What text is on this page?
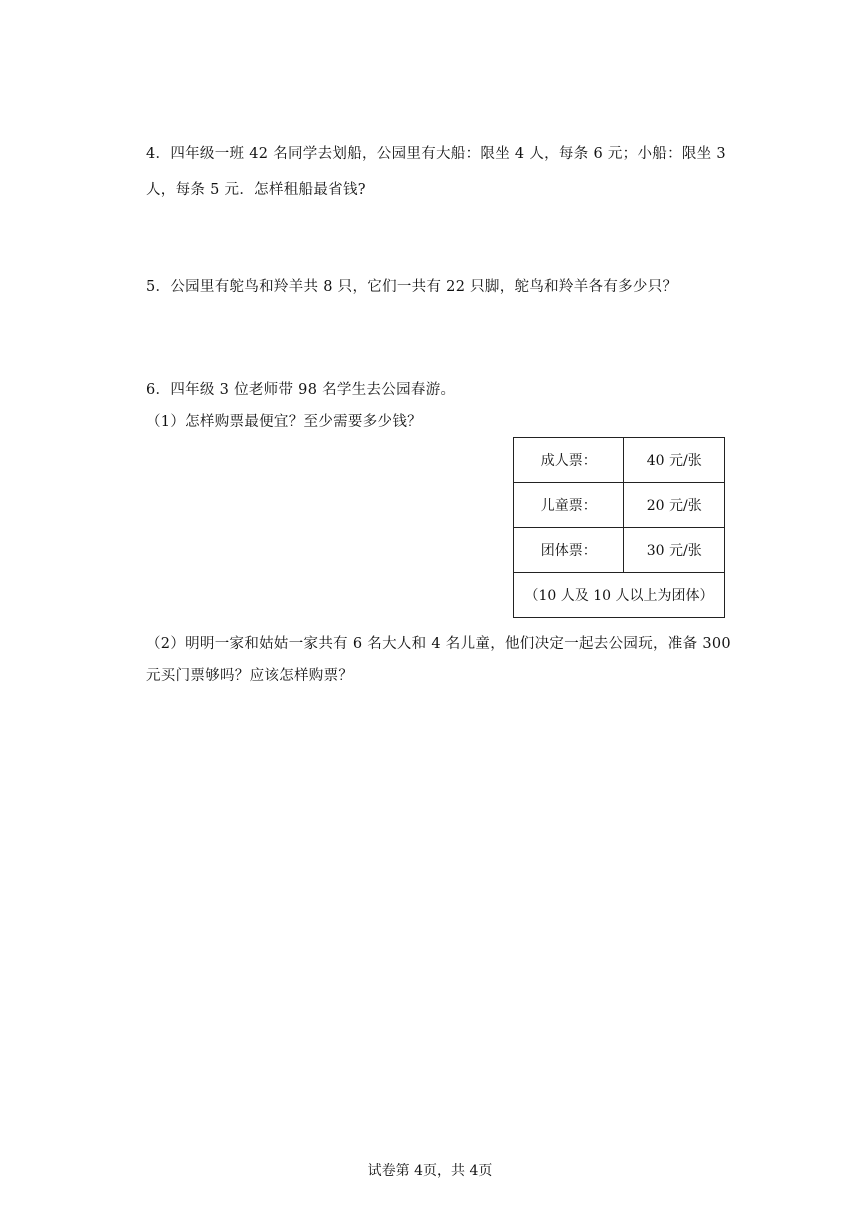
4．四年级一班 42 名同学去划船，公园里有大船：限坐 4 人，每条 6 元；小船：限坐 3
人，每条 5 元．怎样租船最省钱?
5．公园里有鸵鸟和羚羊共 8 只，它们一共有 22 只脚，鸵鸟和羚羊各有多少只？
6．四年级 3 位老师带 98 名学生去公园春游。
（1）怎样购票最便宜？至少需要多少钱？
成人票：	40 元/张
儿童票：	20 元/张
团体票：	30 元/张
（10 人及 10 人以上为团体）	
（2）明明一家和姑姑一家共有 6 名大人和 4 名儿童，他们决定一起去公园玩，准备 300
元买门票够吗？应该怎样购票？
试卷第 4页，共 4页
